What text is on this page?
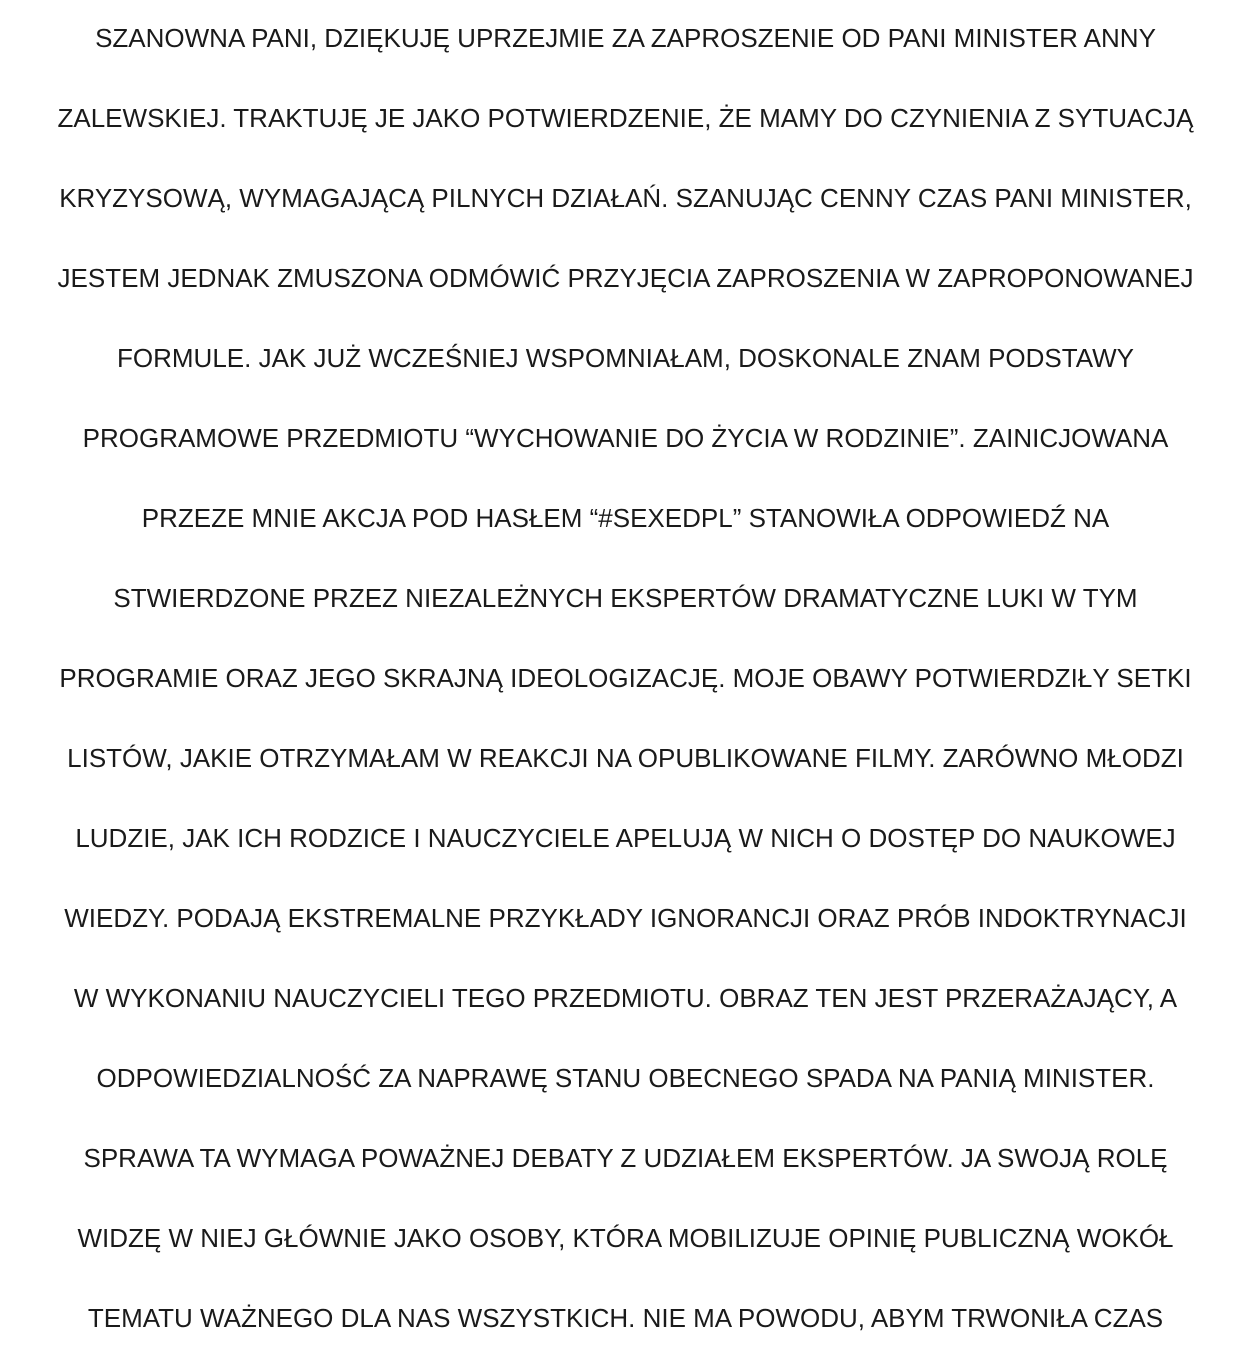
SZANOWNA PANI, DZIĘKUJĘ UPRZEJMIE ZA ZAPROSZENIE OD PANI MINISTER ANNY
ZALEWSKIEJ. TRAKTUJĘ JE JAKO POTWIERDZENIE, ŻE MAMY DO CZYNIENIA Z SYTUACJĄ
KRYZYSOWĄ, WYMAGAJĄCĄ PILNYCH DZIAŁAŃ. SZANUJĄC CENNY CZAS PANI MINISTER,
JESTEM JEDNAK ZMUSZONA ODMÓWIĆ PRZYJĘCIA ZAPROSZENIA W ZAPROPONOWANEJ
FORMULE. JAK JUŻ WCZEŚNIEJ WSPOMNIAŁAM, DOSKONALE ZNAM PODSTAWY
PROGRAMOWE PRZEDMIOTU “WYCHOWANIE DO ŻYCIA W RODZINIE”. ZAINICJOWANA
PRZEZE MNIE AKCJA POD HASŁEM “#SEXEDPL” STANOWIŁA ODPOWIEDŹ NA
STWIERDZONE PRZEZ NIEZALEŻNYCH EKSPERTÓW DRAMATYCZNE LUKI W TYM
PROGRAMIE ORAZ JEGO SKRAJNĄ IDEOLOGIZACJĘ. MOJE OBAWY POTWIERDZIŁY SETKI
LISTÓW, JAKIE OTRZYMAŁAM W REAKCJI NA OPUBLIKOWANE FILMY. ZARÓWNO MŁODZI
LUDZIE, JAK ICH RODZICE I NAUCZYCIELE APELUJĄ W NICH O DOSTĘP DO NAUKOWEJ
WIEDZY. PODAJĄ EKSTREMALNE PRZYKŁADY IGNORANCJI ORAZ PRÓB INDOKTRYNACJI
W WYKONANIU NAUCZYCIELI TEGO PRZEDMIOTU. OBRAZ TEN JEST PRZERAŻAJĄCY, A
ODPOWIEDZIALNOŚĆ ZA NAPRAWĘ STANU OBECNEGO SPADA NA PANIĄ MINISTER.
SPRAWA TA WYMAGA POWAŻNEJ DEBATY Z UDZIAŁEM EKSPERTÓW. JA SWOJĄ ROLĘ
WIDZĘ W NIEJ GŁÓWNIE JAKO OSOBY, KTÓRA MOBILIZUJE OPINIĘ PUBLICZNĄ WOKÓŁ
TEMATU WAŻNEGO DLA NAS WSZYSTKICH. NIE MA POWODU, ABYM TRWONIŁA CZAS
